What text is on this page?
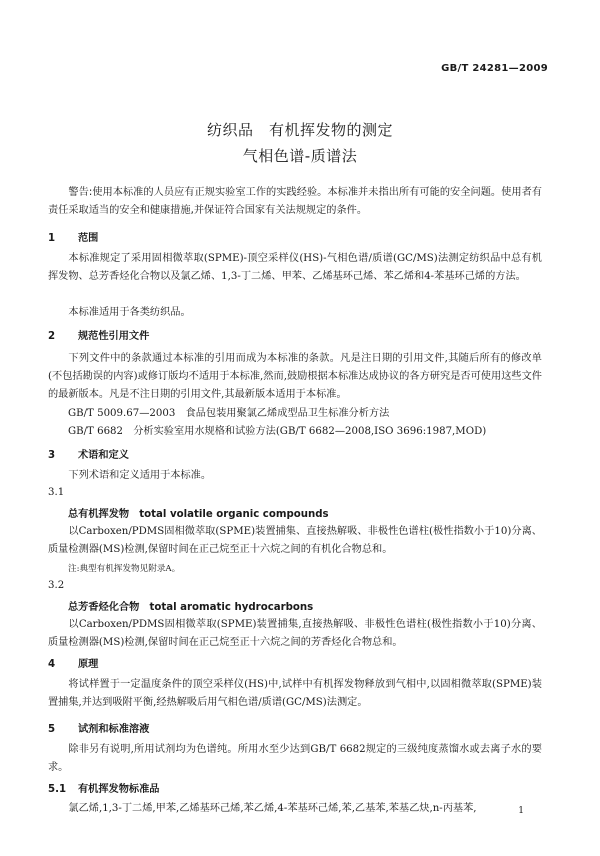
GB/T 24281—2009
纺织品　有机挥发物的测定
气相色谱-质谱法

警告:使用本标准的人员应有正规实验室工作的实践经验。本标准并未指出所有可能的安全问题。使用者有责任采取适当的安全和健康措施,并保证符合国家有关法规规定的条件。

1 范围

本标准规定了采用固相微萃取(SPME)-顶空采样仪(HS)-气相色谱/质谱(GC/MS)法测定纺织品中总有机挥发物、总芳香烃化合物以及氯乙烯、1,3-丁二烯、甲苯、乙烯基环己烯、苯乙烯和4-苯基环己烯的方法。

本标准适用于各类纺织品。

2 规范性引用文件

下列文件中的条款通过本标准的引用而成为本标准的条款。凡是注日期的引用文件,其随后所有的修改单(不包括勘误的内容)或修订版均不适用于本标准,然而,鼓励根据本标准达成协议的各方研究是否可使用这些文件的最新版本。凡是不注日期的引用文件,其最新版本适用于本标准。

GB/T 5009.67—2003　食品包装用聚氯乙烯成型品卫生标准分析方法
GB/T 6682　分析实验室用水规格和试验方法(GB/T 6682—2008,ISO 3696:1987,MOD)
3 术语和定义

下列术语和定义适用于本标准。

3.1
总有机挥发物　total volatile organic compounds

以Carboxen/PDMS固相微萃取(SPME)装置捕集、直接热解吸、非极性色谱柱(极性指数小于10)分离、质量检测器(MS)检测,保留时间在正己烷至正十六烷之间的有机化合物总和。

注:典型有机挥发物见附录A。
3.2
总芳香烃化合物　total aromatic hydrocarbons

以Carboxen/PDMS固相微萃取(SPME)装置捕集,直接热解吸、非极性色谱柱(极性指数小于10)分离、质量检测器(MS)检测,保留时间在正己烷至正十六烷之间的芳香烃化合物总和。

4 原理

将试样置于一定温度条件的顶空采样仪(HS)中,试样中有机挥发物释放到气相中,以固相微萃取(SPME)装置捕集,并达到吸附平衡,经热解吸后用气相色谱/质谱(GC/MS)法测定。

5 试剂和标准溶液

除非另有说明,所用试剂均为色谱纯。所用水至少达到GB/T 6682规定的三级纯度蒸馏水或去离子水的要求。

5.1 有机挥发物标准品

氯乙烯,1,3-丁二烯,甲苯,乙烯基环己烯,苯乙烯,4-苯基环己烯,苯,乙基苯,苯基乙炔,n-丙基苯,	1
